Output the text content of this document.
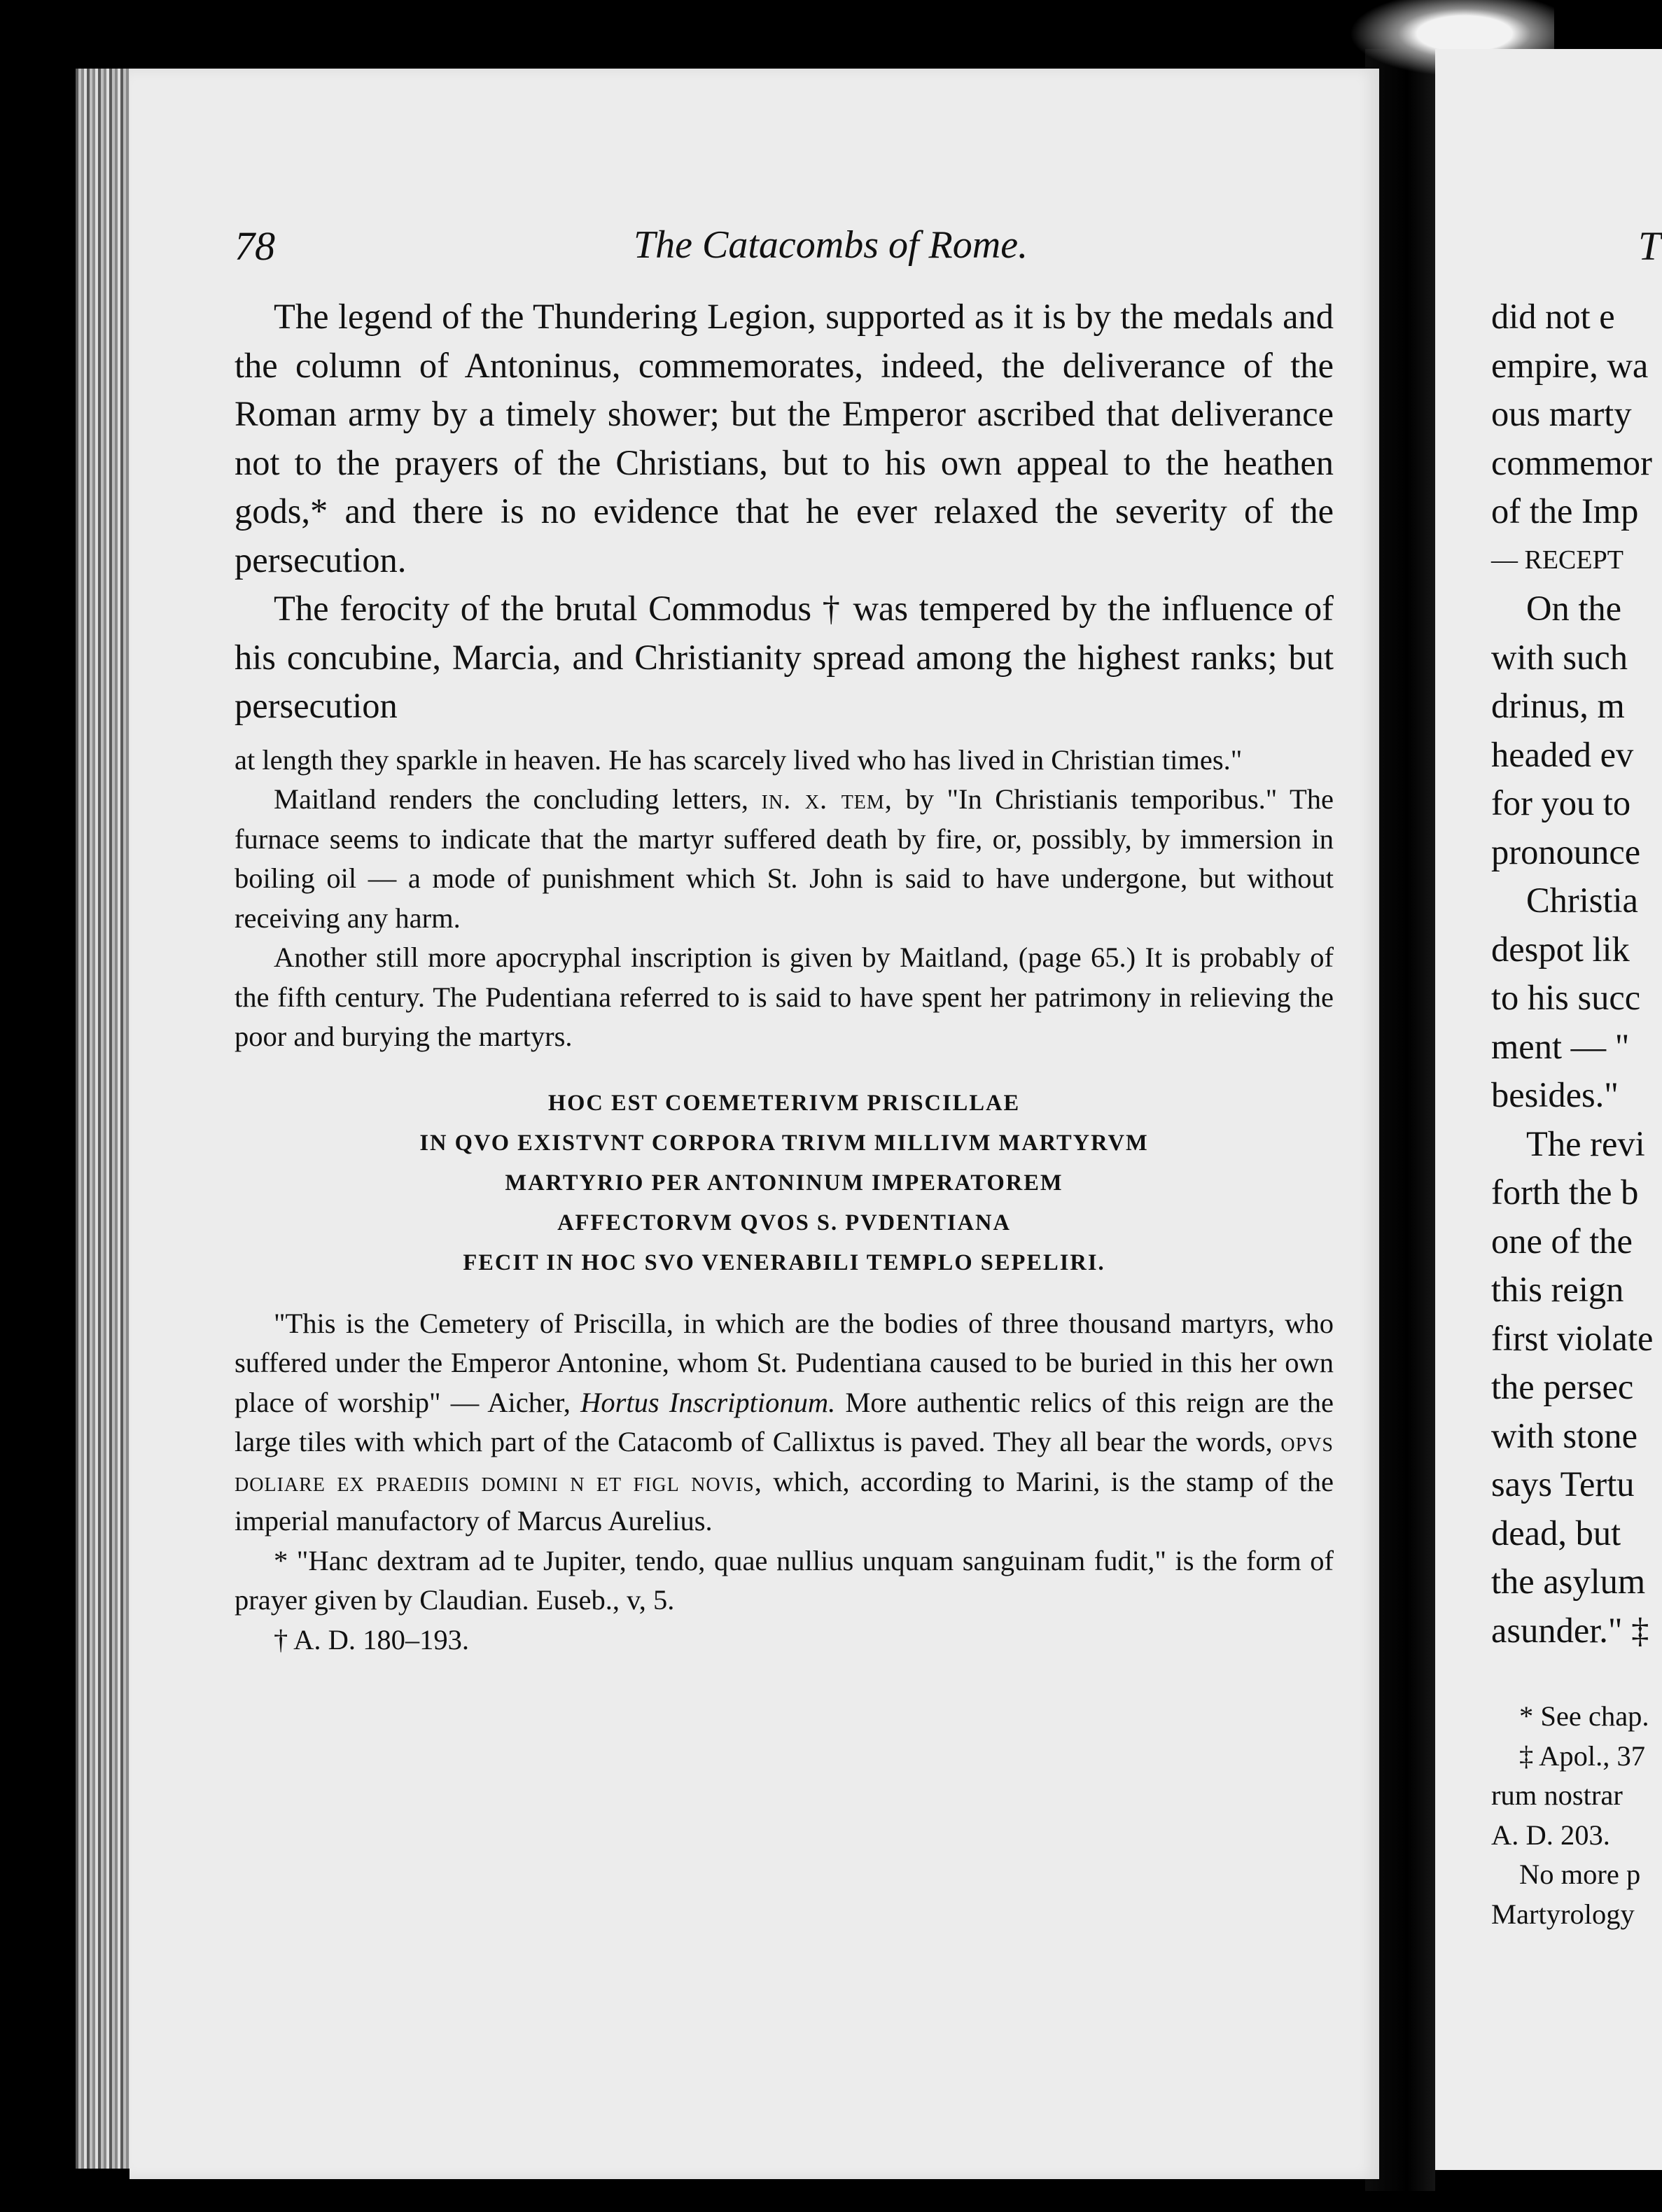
78	The Catacombs of Rome.

The legend of the Thundering Legion, supported as it is by the medals and the column of Antoninus, commemorates, indeed, the deliverance of the Roman army by a timely shower; but the Emperor ascribed that deliverance not to the prayers of the Christians, but to his own appeal to the heathen gods,* and there is no evidence that he ever relaxed the severity of the persecution.

The ferocity of the brutal Commodus † was tempered by the influence of his concubine, Marcia, and Christianity spread among the highest ranks; but persecution

at length they sparkle in heaven. He has scarcely lived who has lived in Christian times."

Maitland renders the concluding letters, in. x. tem, by "In Christianis temporibus." The furnace seems to indicate that the martyr suffered death by fire, or, possibly, by immersion in boiling oil — a mode of punishment which St. John is said to have undergone, but without receiving any harm.

Another still more apocryphal inscription is given by Maitland, (page 65.) It is probably of the fifth century. The Pudentiana referred to is said to have spent her patrimony in relieving the poor and burying the martyrs.

HOC EST COEMETERIVM PRISCILLAE

IN QVO EXISTVNT CORPORA TRIVM MILLIVM MARTYRVM

MARTYRIO PER ANTONINUM IMPERATOREM

AFFECTORVM QVOS S. PVDENTIANA

FECIT IN HOC SVO VENERABILI TEMPLO SEPELIRI.

"This is the Cemetery of Priscilla, in which are the bodies of three thousand martyrs, who suffered under the Emperor Antonine, whom St. Pudentiana caused to be buried in this her own place of worship" — Aicher, Hortus Inscriptionum. More authentic relics of this reign are the large tiles with which part of the Catacomb of Callixtus is paved. They all bear the words, opvs doliare ex praediis domini n et figl novis, which, according to Marini, is the stamp of the imperial manufactory of Marcus Aurelius.

* "Hanc dextram ad te Jupiter, tendo, quae nullius unquam sanguinam fudit," is the form of prayer given by Claudian. Euseb., v, 5.

† A. D. 180–193.

T
did not e
empire, wa
ous marty
commemor
of the Imp
— RECEPT
On the
with such
drinus, m
headed ev
for you to
pronounce
Christia
despot lik
to his succ
ment — "
besides."
The revi
forth the b
one of the
this reign
first violate
the persec
with stone
says Tertu
dead, but
the asylum
asunder." ‡
* See chap.
‡ Apol., 37
rum nostrar
A. D. 203.
No more p
Martyrology
